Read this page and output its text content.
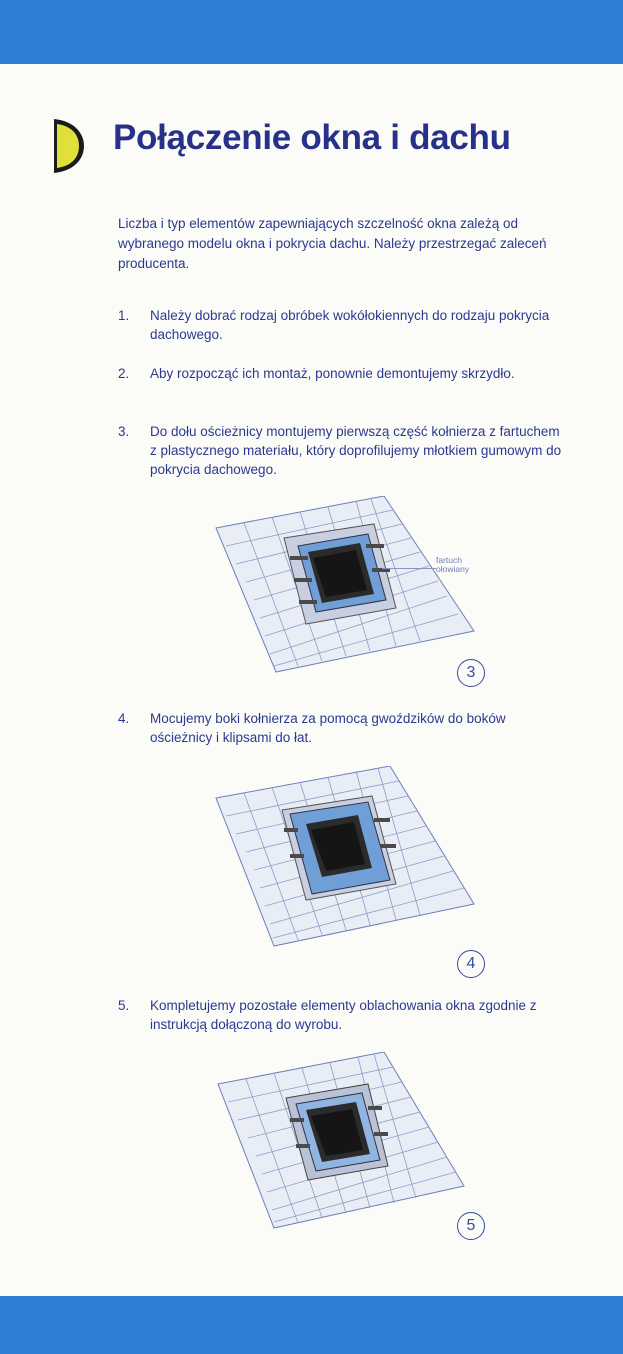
Połączenie okna i dachu

Liczba i typ elementów zapewniających szczelność okna zależą od wybranego modelu okna i pokrycia dachu. Należy przestrzegać zaleceń producenta.

1. Należy dobrać rodzaj obróbek wokółokiennych do rodzaju pokrycia dachowego.
2. Aby rozpocząć ich montaż, ponownie demontujemy skrzydło.
3. Do dołu ościeżnicy montujemy pierwszą część kołnierza z fartuchem z plastycznego materiału, który doprofilujemy młotkiem gumowym do pokrycia dachowego.
fartuch ołowiany
3
4. Mocujemy boki kołnierza za pomocą gwoździków do boków ościeżnicy i klipsami do łat.
4
5. Kompletujemy pozostałe elementy oblachowania okna zgodnie z instrukcją dołączoną do wyrobu.
5
